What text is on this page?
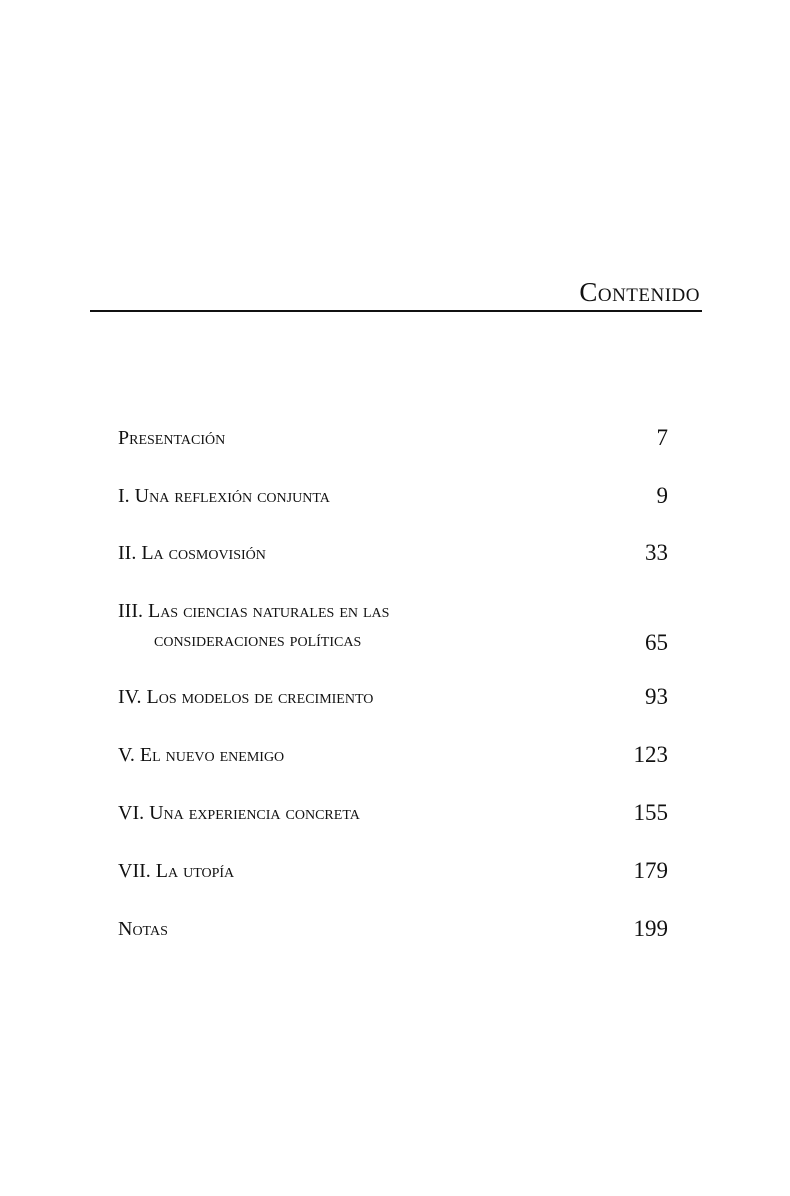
Contenido
Presentación	7
I. Una reflexión conjunta	9
II. La cosmovisión	33
III. Las ciencias naturales en las
consideraciones políticas	65
IV. Los modelos de crecimiento	93
V. El nuevo enemigo	123
VI. Una experiencia concreta	155
VII. La utopía	179
Notas	199
